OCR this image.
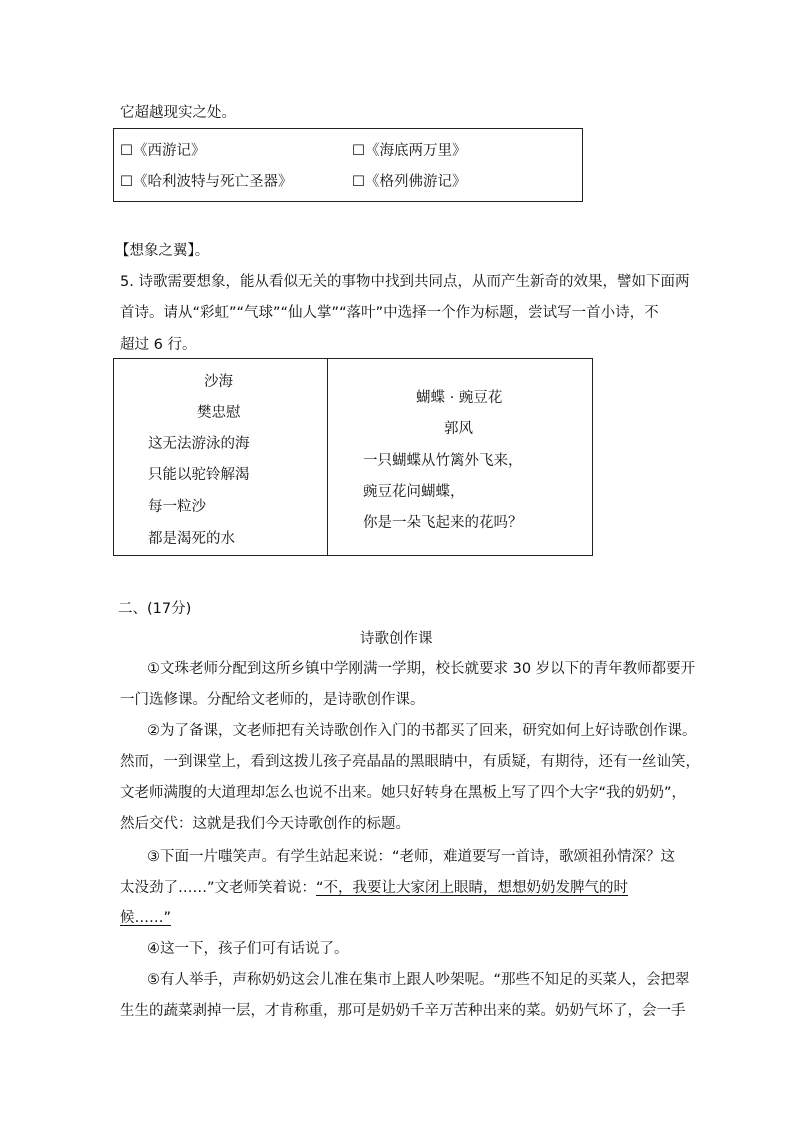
它超越现实之处。
☐《西游记》	☐《海底两万里》
☐《哈利波特与死亡圣器》	☐《格列佛游记》
【想象之翼】。
5. 诗歌需要想象，能从看似无关的事物中找到共同点，从而产生新奇的效果，譬如下面两
首诗。请从“彩虹”“气球”“仙人掌”“落叶”中选择一个作为标题，尝试写一首小诗，不
超过 6 行。
沙海
樊忠慰
这无法游泳的海
只能以驼铃解渴
每一粒沙
都是渴死的水
蝴蝶 · 豌豆花
郭风
一只蝴蝶从竹篱外飞来，
豌豆花问蝴蝶，
你是一朵飞起来的花吗？
二、(17分)
诗歌创作课
①文珠老师分配到这所乡镇中学刚满一学期，校长就要求 30 岁以下的青年教师都要开
一门选修课。分配给文老师的，是诗歌创作课。
②为了备课，文老师把有关诗歌创作入门的书都买了回来，研究如何上好诗歌创作课。
然而，一到课堂上，看到这拨儿孩子亮晶晶的黑眼睛中，有质疑，有期待，还有一丝讪笑，
文老师满腹的大道理却怎么也说不出来。她只好转身在黑板上写了四个大字“我的奶奶”，
然后交代：这就是我们今天诗歌创作的标题。
③下面一片嗤笑声。有学生站起来说：“老师，难道要写一首诗，歌颂祖孙情深？这
太没劲了……”文老师笑着说：“不，我要让大家闭上眼睛，想想奶奶发脾气的时
候……”
④这一下，孩子们可有话说了。
⑤有人举手，声称奶奶这会儿准在集市上跟人吵架呢。“那些不知足的买菜人，会把翠
生生的蔬菜剥掉一层，才肯称重，那可是奶奶千辛万苦种出来的菜。奶奶气坏了，会一手
